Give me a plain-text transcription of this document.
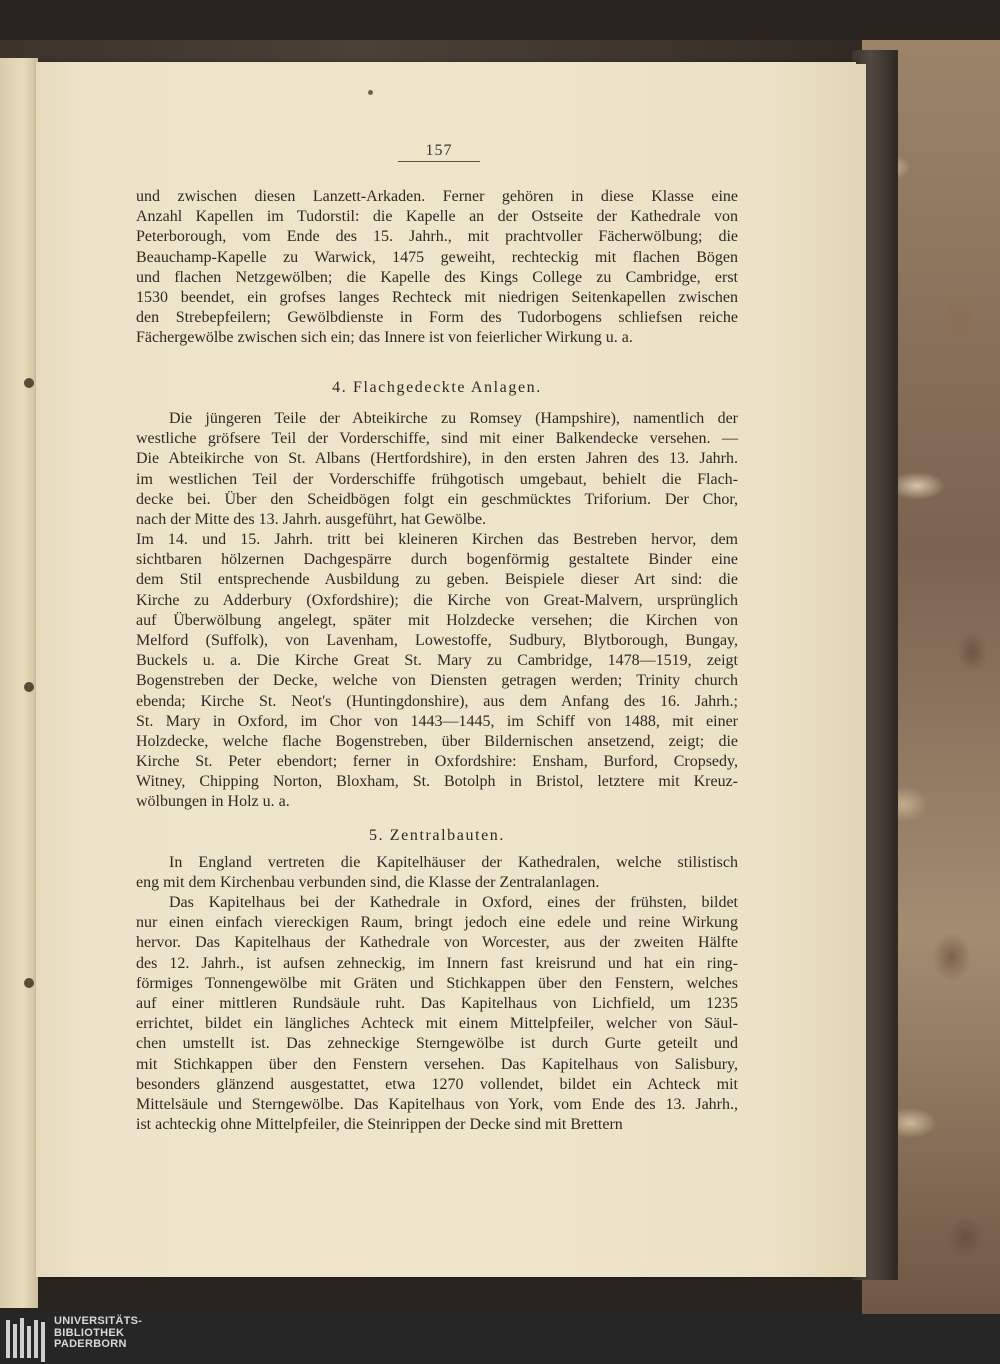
157
und zwischen diesen Lanzett-Arkaden. Ferner gehören in diese Klasse eine
Anzahl Kapellen im Tudorstil: die Kapelle an der Ostseite der Kathedrale von
Peterborough, vom Ende des 15. Jahrh., mit prachtvoller Fächerwölbung; die
Beauchamp-Kapelle zu Warwick, 1475 geweiht, rechteckig mit flachen Bögen
und flachen Netzgewölben; die Kapelle des Kings College zu Cambridge, erst
1530 beendet, ein grofses langes Rechteck mit niedrigen Seitenkapellen zwischen
den Strebepfeilern; Gewölbdienste in Form des Tudorbogens schliefsen reiche
Fächergewölbe zwischen sich ein; das Innere ist von feierlicher Wirkung u. a.
4. Flachgedeckte Anlagen.
Die jüngeren Teile der Abteikirche zu Romsey (Hampshire), namentlich der
westliche gröfsere Teil der Vorderschiffe, sind mit einer Balkendecke versehen. —
Die Abteikirche von St. Albans (Hertfordshire), in den ersten Jahren des 13. Jahrh.
im westlichen Teil der Vorderschiffe frühgotisch umgebaut, behielt die Flach-
decke bei. Über den Scheidbögen folgt ein geschmücktes Triforium. Der Chor,
nach der Mitte des 13. Jahrh. ausgeführt, hat Gewölbe.
Im 14. und 15. Jahrh. tritt bei kleineren Kirchen das Bestreben hervor, dem
sichtbaren hölzernen Dachgespärre durch bogenförmig gestaltete Binder eine
dem Stil entsprechende Ausbildung zu geben. Beispiele dieser Art sind: die
Kirche zu Adderbury (Oxfordshire); die Kirche von Great-Malvern, ursprünglich
auf Überwölbung angelegt, später mit Holzdecke versehen; die Kirchen von
Melford (Suffolk), von Lavenham, Lowestoffe, Sudbury, Blytborough, Bungay,
Buckels u. a. Die Kirche Great St. Mary zu Cambridge, 1478—1519, zeigt
Bogenstreben der Decke, welche von Diensten getragen werden; Trinity church
ebenda; Kirche St. Neot's (Huntingdonshire), aus dem Anfang des 16. Jahrh.;
St. Mary in Oxford, im Chor von 1443—1445, im Schiff von 1488, mit einer
Holzdecke, welche flache Bogenstreben, über Bildernischen ansetzend, zeigt; die
Kirche St. Peter ebendort; ferner in Oxfordshire: Ensham, Burford, Cropsedy,
Witney, Chipping Norton, Bloxham, St. Botolph in Bristol, letztere mit Kreuz-
wölbungen in Holz u. a.
5. Zentralbauten.
In England vertreten die Kapitelhäuser der Kathedralen, welche stilistisch
eng mit dem Kirchenbau verbunden sind, die Klasse der Zentralanlagen.
Das Kapitelhaus bei der Kathedrale in Oxford, eines der frühsten, bildet
nur einen einfach viereckigen Raum, bringt jedoch eine edele und reine Wirkung
hervor. Das Kapitelhaus der Kathedrale von Worcester, aus der zweiten Hälfte
des 12. Jahrh., ist aufsen zehneckig, im Innern fast kreisrund und hat ein ring-
förmiges Tonnengewölbe mit Gräten und Stichkappen über den Fenstern, welches
auf einer mittleren Rundsäule ruht. Das Kapitelhaus von Lichfield, um 1235
errichtet, bildet ein längliches Achteck mit einem Mittelpfeiler, welcher von Säul-
chen umstellt ist. Das zehneckige Sterngewölbe ist durch Gurte geteilt und
mit Stichkappen über den Fenstern versehen. Das Kapitelhaus von Salisbury,
besonders glänzend ausgestattet, etwa 1270 vollendet, bildet ein Achteck mit
Mittelsäule und Sterngewölbe. Das Kapitelhaus von York, vom Ende des 13. Jahrh.,
ist achteckig ohne Mittelpfeiler, die Steinrippen der Decke sind mit Brettern
UNIVERSITÄTS-
BIBLIOTHEK
PADERBORN
